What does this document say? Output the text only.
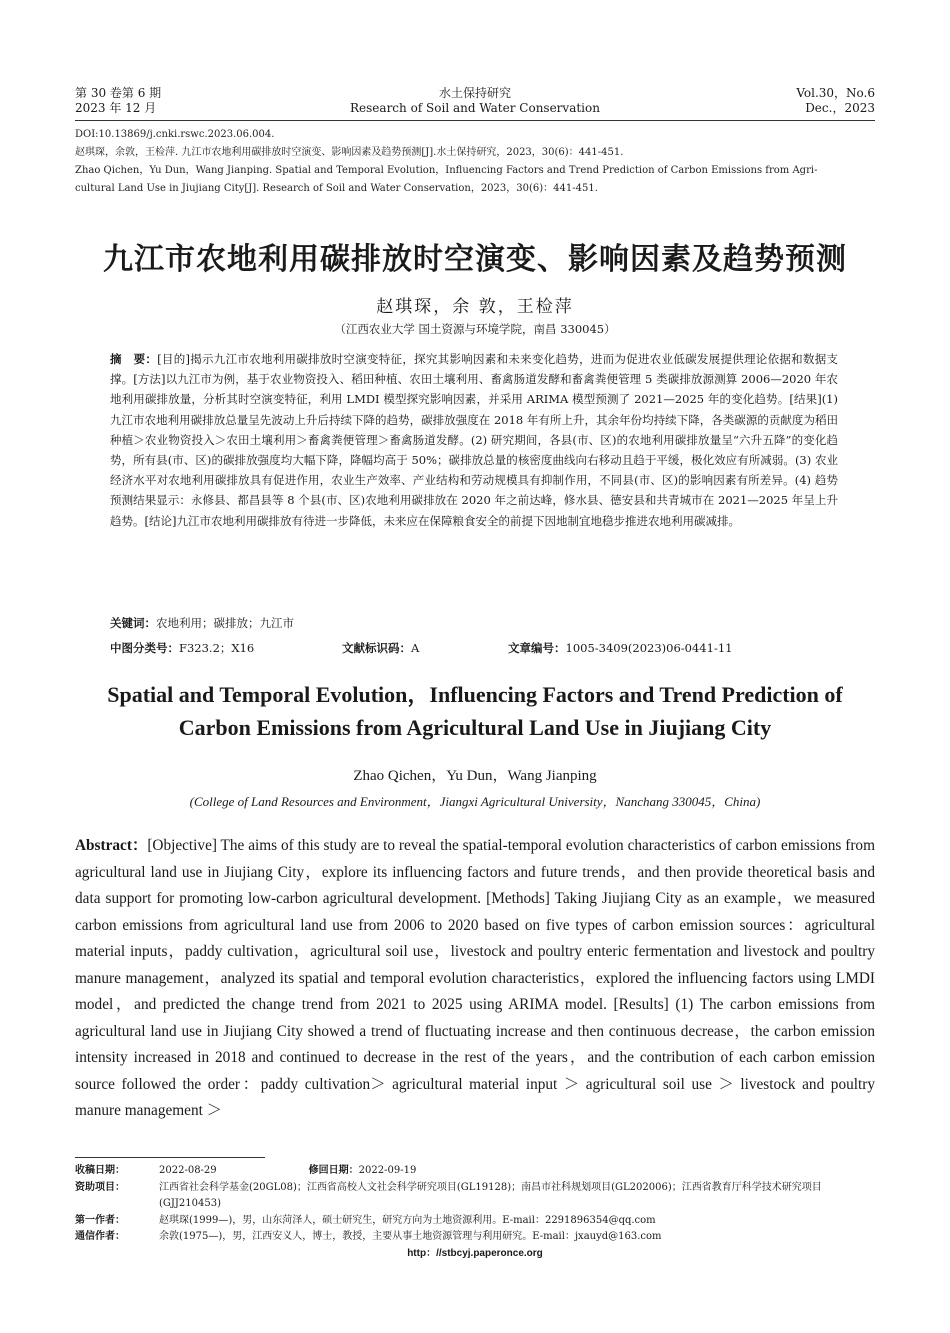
第 30 卷第 6 期
2023 年 12 月
水土保持研究
Research of Soil and Water Conservation
Vol.30，No.6
Dec.，2023
DOI:10.13869/j.cnki.rswc.2023.06.004.
赵琪琛，余敦，王检萍. 九江市农地利用碳排放时空演变、影响因素及趋势预测[J].水土保持研究，2023，30(6)：441-451.
Zhao Qichen，Yu Dun，Wang Jianping. Spatial and Temporal Evolution，Influencing Factors and Trend Prediction of Carbon Emissions from Agri-
cultural Land Use in Jiujiang City[J]. Research of Soil and Water Conservation，2023，30(6)：441-451.
九江市农地利用碳排放时空演变、影响因素及趋势预测
赵琪琛，余 敦，王检萍
（江西农业大学 国土资源与环境学院，南昌 330045）
摘　要：[目的]揭示九江市农地利用碳排放时空演变特征，探究其影响因素和未来变化趋势，进而为促进农业低碳发展提供理论依据和数据支撑。[方法]以九江市为例，基于农业物资投入、稻田种植、农田土壤利用、畜禽肠道发酵和畜禽粪便管理 5 类碳排放源测算 2006—2020 年农地利用碳排放量，分析其时空演变特征，利用 LMDI 模型探究影响因素，并采用 ARIMA 模型预测了 2021—2025 年的变化趋势。[结果](1) 九江市农地利用碳排放总量呈先波动上升后持续下降的趋势，碳排放强度在 2018 年有所上升，其余年份均持续下降，各类碳源的贡献度为稻田种植＞农业物资投入＞农田土壤利用＞畜禽粪便管理＞畜禽肠道发酵。(2) 研究期间，各县(市、区)的农地利用碳排放量呈“六升五降”的变化趋势，所有县(市、区)的碳排放强度均大幅下降，降幅均高于 50%；碳排放总量的核密度曲线向右移动且趋于平缓，极化效应有所减弱。(3) 农业经济水平对农地利用碳排放具有促进作用，农业生产效率、产业结构和劳动规模具有抑制作用，不同县(市、区)的影响因素有所差异。(4) 趋势预测结果显示：永修县、都昌县等 8 个县(市、区)农地利用碳排放在 2020 年之前达峰，修水县、德安县和共青城市在 2021—2025 年呈上升趋势。[结论]九江市农地利用碳排放有待进一步降低，未来应在保障粮食安全的前提下因地制宜地稳步推进农地利用碳减排。
关键词：农地利用；碳排放；九江市
中图分类号：F323.2；X16	文献标识码：A	文章编号：1005-3409(2023)06-0441-11
Spatial and Temporal Evolution，Influencing Factors and Trend Prediction of
Carbon Emissions from Agricultural Land Use in Jiujiang City
Zhao Qichen，Yu Dun，Wang Jianping
(College of Land Resources and Environment，Jiangxi Agricultural University，Nanchang 330045，China)
Abstract：[Objective] The aims of this study are to reveal the spatial-temporal evolution characteristics of carbon emissions from agricultural land use in Jiujiang City，explore its influencing factors and future trends，and then provide theoretical basis and data support for promoting low-carbon agricultural development. [Methods] Taking Jiujiang City as an example，we measured carbon emissions from agricultural land use from 2006 to 2020 based on five types of carbon emission sources：agricultural material inputs，paddy cultivation，agricultural soil use，livestock and poultry enteric fermentation and livestock and poultry manure management，analyzed its spatial and temporal evolution characteristics，explored the influencing factors using LMDI model，and predicted the change trend from 2021 to 2025 using ARIMA model. [Results] (1) The carbon emissions from agricultural land use in Jiujiang City showed a trend of fluctuating increase and then continuous decrease，the carbon emission intensity increased in 2018 and continued to decrease in the rest of the years，and the contribution of each carbon emission source followed the order：paddy cultivation＞ agricultural material input ＞ agricultural soil use ＞ livestock and poultry manure management ＞
收稿日期：	2022-08-29	修回日期：2022-09-19
资助项目：	江西省社会科学基金(20GL08)；江西省高校人文社会科学研究项目(GL19128)；南昌市社科规划项目(GL202006)；江西省教育厅科学技术研究项目(GJJ210453)
第一作者：	赵琪琛(1999—)，男，山东菏泽人，硕士研究生，研究方向为土地资源利用。E-mail：2291896354@qq.com
通信作者：	余敦(1975—)，男，江西安义人，博士，教授，主要从事土地资源管理与利用研究。E-mail：jxauyd@163.com
http：//stbcyj.paperonce.org
